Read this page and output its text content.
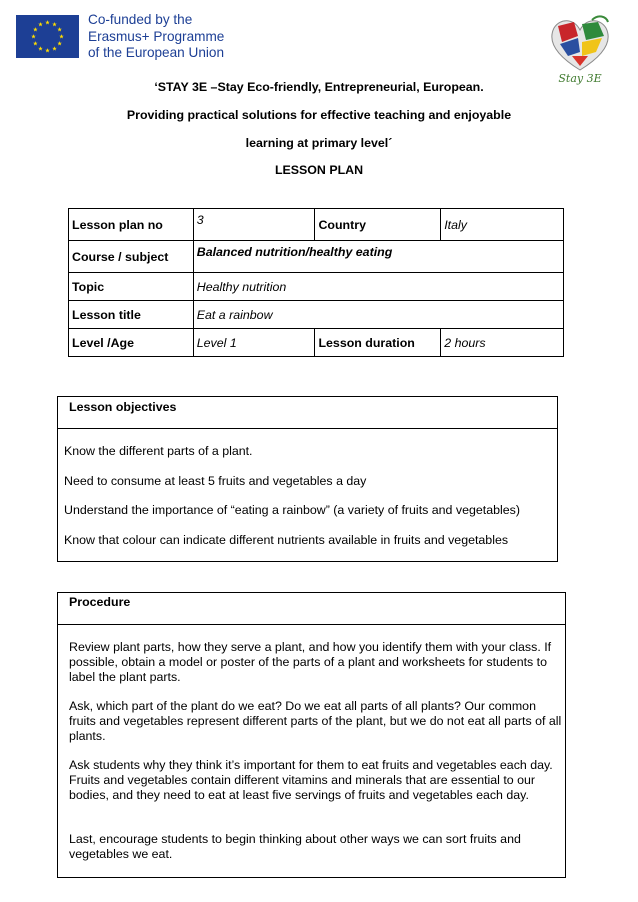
Co-funded by the
Erasmus+ Programme
of the European Union
Stay 3E
‘STAY 3E –Stay Eco-friendly, Entrepreneurial, European.
Providing practical solutions for effective teaching and enjoyable
learning at primary level´
LESSON PLAN
Lesson plan no	3	Country	Italy
Course / subject	Balanced nutrition/healthy eating		
Topic	Healthy nutrition		
Lesson title	Eat a rainbow		
Level /Age	Level 1	Lesson duration	2 hours
Lesson objectives

Know the different parts of a plant.

Need to consume at least 5 fruits and vegetables a day

Understand the importance of “eating a rainbow” (a variety of fruits and vegetables)

Know that colour can indicate different nutrients available in fruits and vegetables

Procedure

Review plant parts, how they serve a plant, and how you identify them with your class. If possible, obtain a model or poster of the parts of a plant and worksheets for students to label the plant parts.

Ask, which part of the plant do we eat? Do we eat all parts of all plants? Our common fruits and vegetables represent different parts of the plant, but we do not eat all parts of all plants.

Ask students why they think it’s important for them to eat fruits and vegetables each day. Fruits and vegetables contain different vitamins and minerals that are essential to our bodies, and they need to eat at least five servings of fruits and vegetables each day.

Last, encourage students to begin thinking about other ways we can sort fruits and vegetables we eat.
